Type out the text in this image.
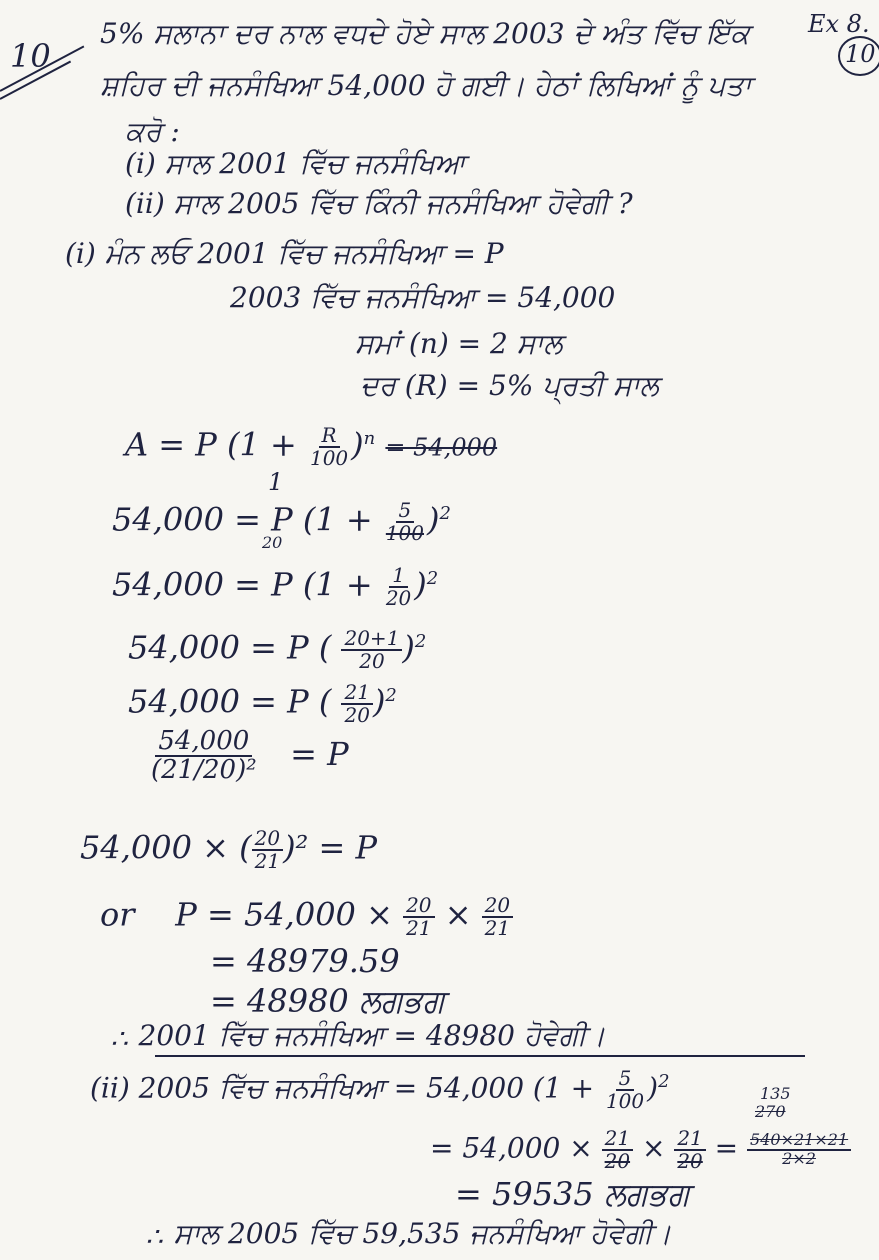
10
Ex 8.
10
5% ਸਲਾਨਾ ਦਰ ਨਾਲ ਵਧਦੇ ਹੋਏ ਸਾਲ 2003 ਦੇ ਅੰਤ ਵਿੱਚ ਇੱਕ
ਸ਼ਹਿਰ ਦੀ ਜਨਸੰਖਿਆ 54,000 ਹੋ ਗਈ। ਹੇਠਾਂ ਲਿਖਿਆਂ ਨੂੰ ਪਤਾ
ਕਰੋ :
(i) ਸਾਲ 2001 ਵਿੱਚ ਜਨਸੰਖਿਆ
(ii) ਸਾਲ 2005 ਵਿੱਚ ਕਿੰਨੀ ਜਨਸੰਖਿਆ ਹੋਵੇਗੀ ?
(i) ਮੰਨ ਲਓ 2001 ਵਿੱਚ ਜਨਸੰਖਿਆ = P
2003 ਵਿੱਚ ਜਨਸੰਖਿਆ = 54,000
ਸਮਾਂ (n) = 2 ਸਾਲ
ਦਰ (R) = 5% ਪ੍ਰਤੀ ਸਾਲ
A = P $(1 + \frac{R}{100} )^n = 54,000$
1
54,000 = P $(1 + \frac{5}{100} )^2$
20
54,000 = P $(1 + \frac{1}{20} )^2$
54,000 = P ( $\frac{20+1}{20} )^2$
54,000 = P ( $\frac{21}{20} )^2$
$\frac{54,000}{\text{(21/20)²}} = P$
54,000 × ( $\frac{20}{21} )^2 = P$
or $P = 54,000 \times \frac{20}{21} \times \frac{20}{21}$
= 48979.59
= 48980 ਲਗਭਗ
∴ 2001 ਵਿੱਚ ਜਨਸੰਖਿਆ = 48980 ਹੋਵੇਗੀ।
(ii) 2005 ਵਿੱਚ ਜਨਸੰਖਿਆ = 54,000 $(1 + \frac{5}{100} )^2$
135
270
= $54,000 \times \frac{21}{20} \times \frac{21}{20} = \frac{540\times 21\times 21}{2\times 2}$
= 59535 ਲਗਭਗ
∴ ਸਾਲ 2005 ਵਿੱਚ 59,535 ਜਨਸੰਖਿਆ ਹੋਵੇਗੀ।
